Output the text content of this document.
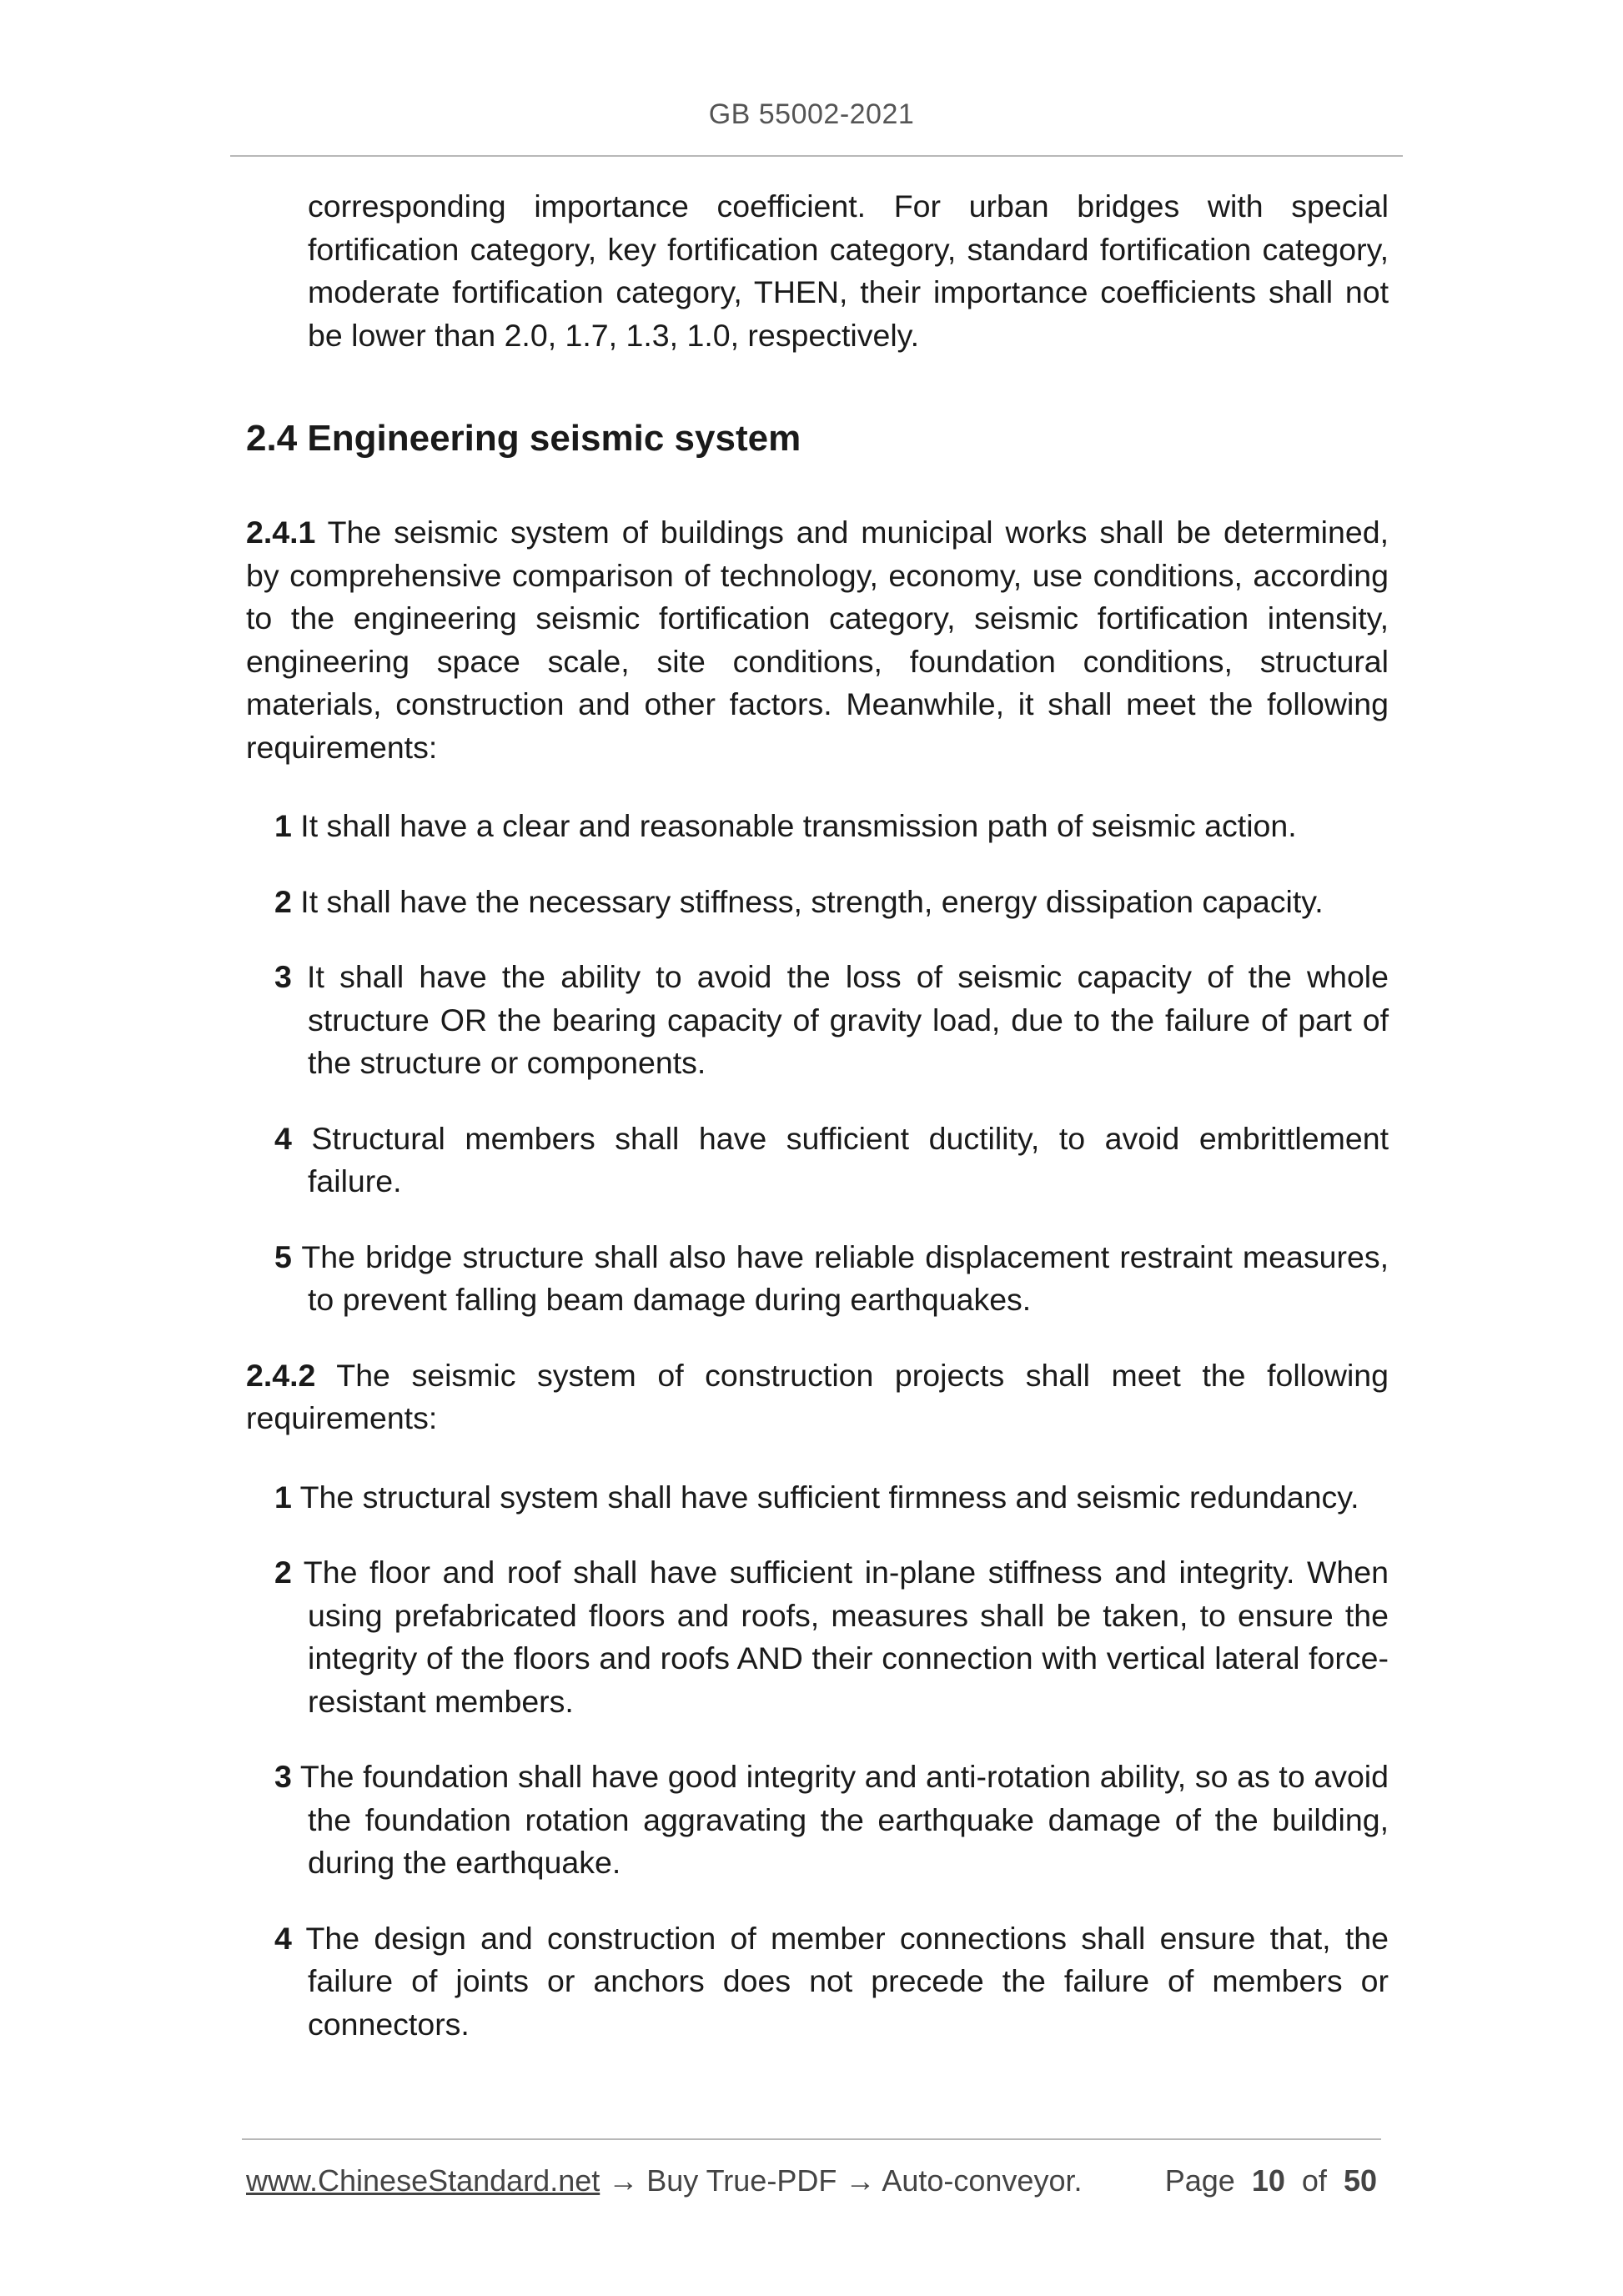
GB 55002-2021

corresponding importance coefficient. For urban bridges with special fortification category, key fortification category, standard fortification category, moderate fortification category, THEN, their importance coefficients shall not be lower than 2.0, 1.7, 1.3, 1.0, respectively.

2.4 Engineering seismic system

2.4.1 The seismic system of buildings and municipal works shall be determined, by comprehensive comparison of technology, economy, use conditions, according to the engineering seismic fortification category, seismic fortification intensity, engineering space scale, site conditions, foundation conditions, structural materials, construction and other factors. Meanwhile, it shall meet the following requirements:

1 It shall have a clear and reasonable transmission path of seismic action.

2 It shall have the necessary stiffness, strength, energy dissipation capacity.

3 It shall have the ability to avoid the loss of seismic capacity of the whole structure OR the bearing capacity of gravity load, due to the failure of part of the structure or components.

4 Structural members shall have sufficient ductility, to avoid embrittlement failure.

5 The bridge structure shall also have reliable displacement restraint measures, to prevent falling beam damage during earthquakes.

2.4.2 The seismic system of construction projects shall meet the following requirements:

1 The structural system shall have sufficient firmness and seismic redundancy.

2 The floor and roof shall have sufficient in-plane stiffness and integrity. When using prefabricated floors and roofs, measures shall be taken, to ensure the integrity of the floors and roofs AND their connection with vertical lateral force-resistant members.

3 The foundation shall have good integrity and anti-rotation ability, so as to avoid the foundation rotation aggravating the earthquake damage of the building, during the earthquake.

4 The design and construction of member connections shall ensure that, the failure of joints or anchors does not precede the failure of members or connectors.

www.ChineseStandard.net → Buy True-PDF → Auto-conveyor.	Page 10 of 50
